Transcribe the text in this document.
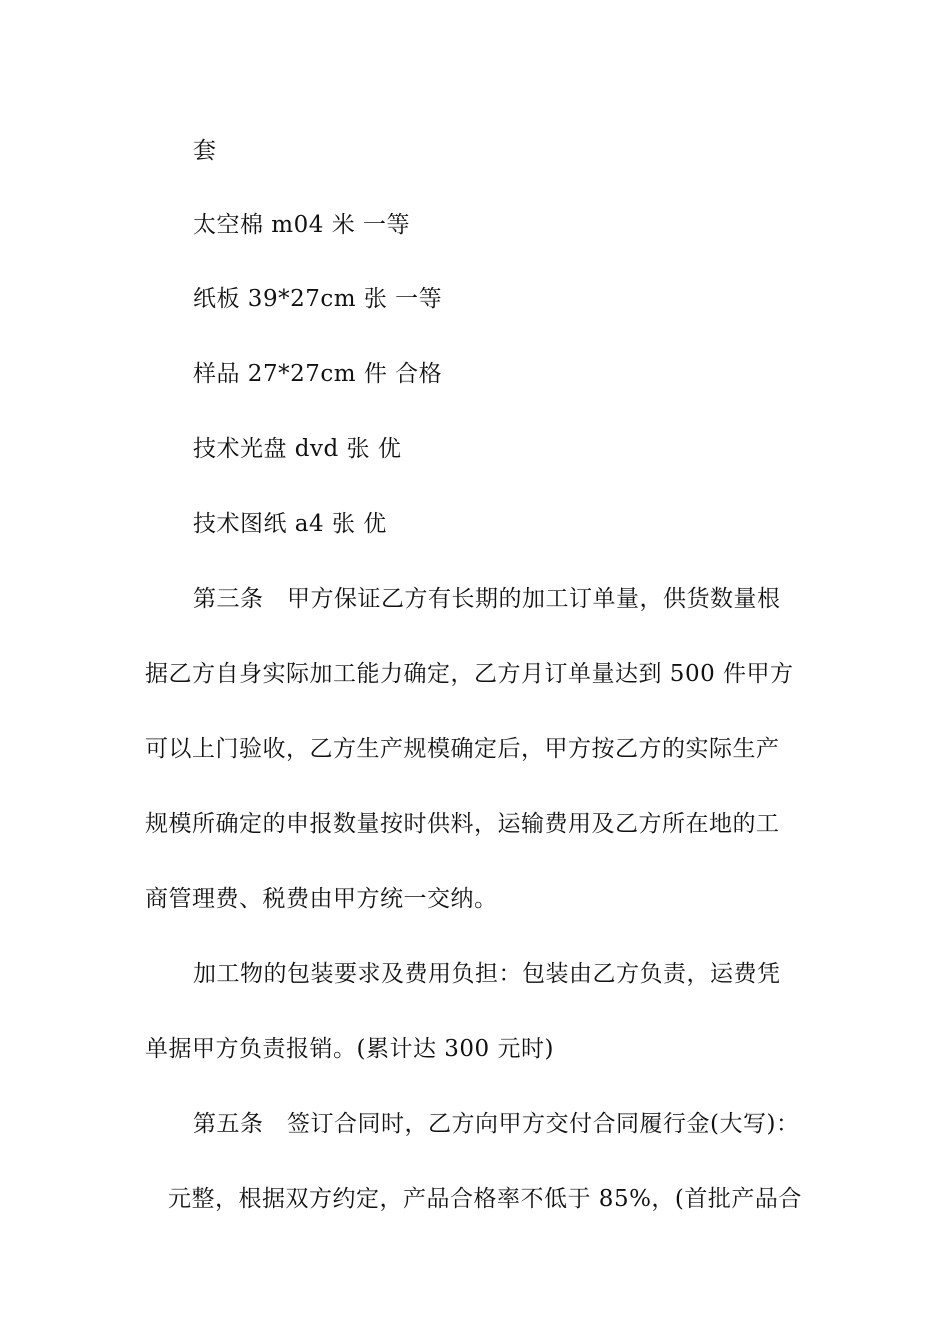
套
太空棉 m04 米 一等
纸板 39*27cm 张 一等
样品 27*27cm 件 合格
技术光盘 dvd 张 优
技术图纸 a4 张 优
第三条　甲方保证乙方有长期的加工订单量，供货数量根
据乙方自身实际加工能力确定，乙方月订单量达到 500 件甲方
可以上门验收，乙方生产规模确定后，甲方按乙方的实际生产
规模所确定的申报数量按时供料，运输费用及乙方所在地的工
商管理费、税费由甲方统一交纳。
加工物的包装要求及费用负担：包装由乙方负责，运费凭
单据甲方负责报销。(累计达 300 元时)
第五条　签订合同时，乙方向甲方交付合同履行金(大写)：
元整，根据双方约定，产品合格率不低于 85%，(首批产品合
